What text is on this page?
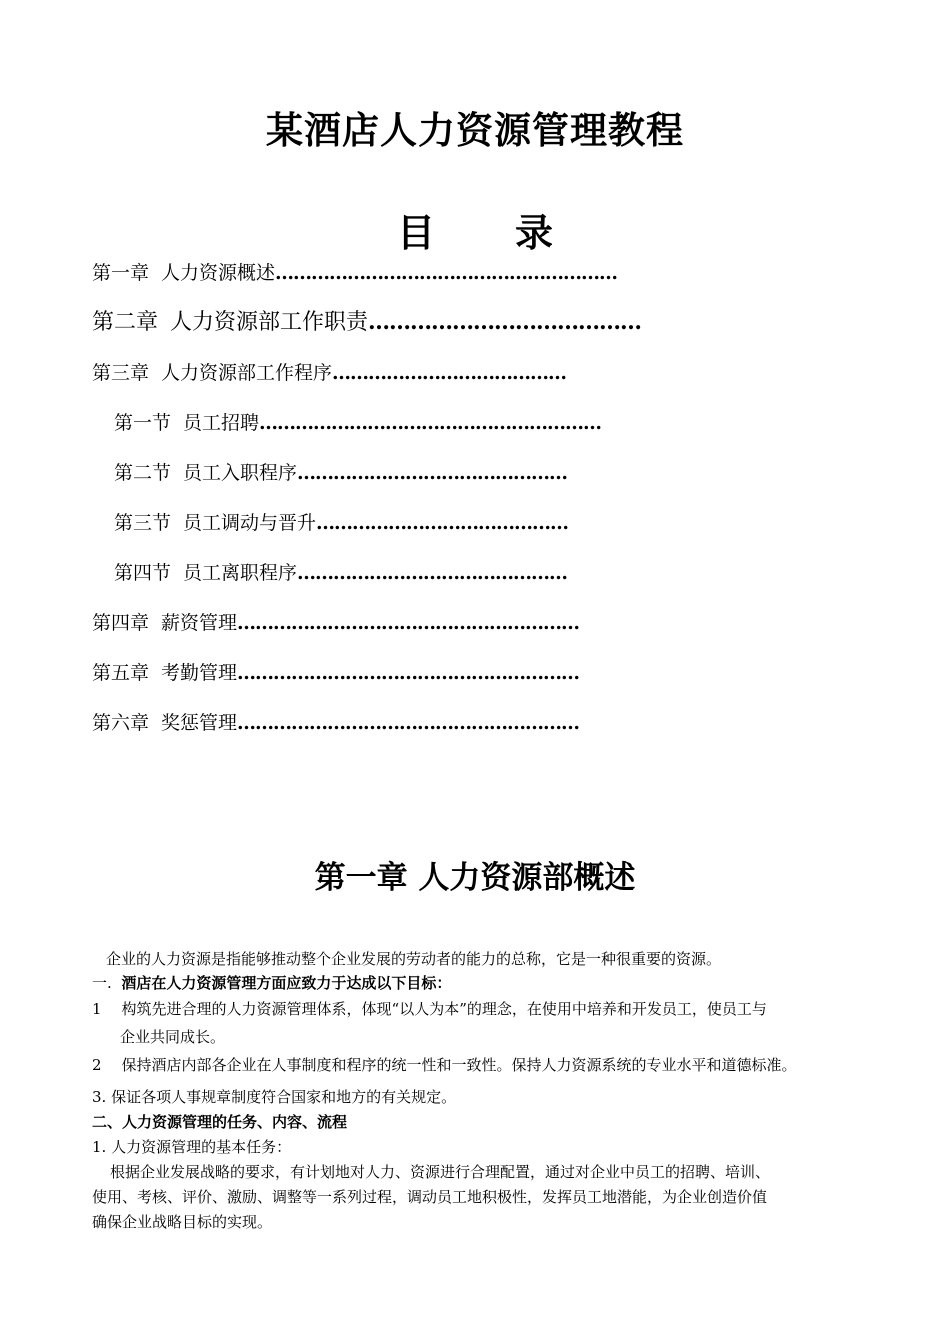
某酒店人力资源管理教程
目 录
第一章 人力资源概述…………………………………………………
第二章 人力资源部工作职责…………………………………
第三章 人力资源部工作程序…………………………………
第一节 员工招聘…………………………………………………
第二节 员工入职程序………………………………………
第三节 员工调动与晋升……………………………………
第四节 员工离职程序………………………………………
第四章 薪资管理…………………………………………………
第五章 考勤管理…………………………………………………
第六章 奖惩管理…………………………………………………
第一章 人力资源部概述
企业的人力资源是指能够推动整个企业发展的劳动者的能力的总称，它是一种很重要的资源。
一. 酒店在人力资源管理方面应致力于达成以下目标：
1 构筑先进合理的人力资源管理体系，体现“以人为本”的理念，在使用中培养和开发员工，使员工与
企业共同成长。
2 保持酒店内部各企业在人事制度和程序的统一性和一致性。保持人力资源系统的专业水平和道德标准。
3. 保证各项人事规章制度符合国家和地方的有关规定。
二、人力资源管理的任务、内容、流程
1. 人力资源管理的基本任务：
根据企业发展战略的要求，有计划地对人力、资源进行合理配置，通过对企业中员工的招聘、培训、
使用、考核、评价、激励、调整等一系列过程，调动员工地积极性，发挥员工地潜能，为企业创造价值
确保企业战略目标的实现。
